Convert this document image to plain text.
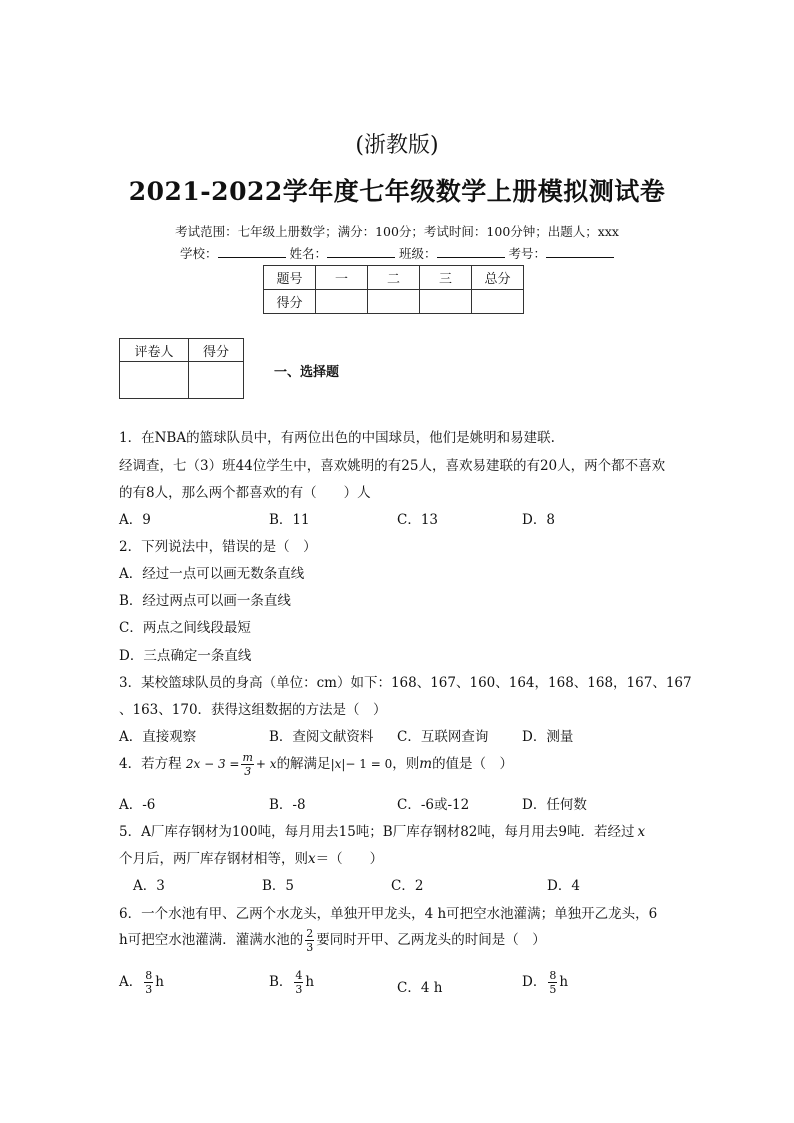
(浙教版)
2021-2022学年度七年级数学上册模拟测试卷
考试范围：七年级上册数学；满分：100分；考试时间：100分钟；出题人；xxx
学校：	姓名：	班级：	考号：
题号	一	二	三	总分
得分				
评卷人	得分

一、选择题
1．在NBA的篮球队员中，有两位出色的中国球员，他们是姚明和易建联.
经调查，七（3）班44位学生中，喜欢姚明的有25人，喜欢易建联的有20人，两个都不喜欢
的有8人，那么两个都喜欢的有（　　）人
A．9	B．11	C．13	D．8
2．下列说法中，错误的是（　）
A．经过一点可以画无数条直线
B．经过两点可以画一条直线
C．两点之间线段最短
D．三点确定一条直线
3．某校篮球队员的身高（单位：cm）如下：168、167、160、164，168、168，167、167
、163、170．获得这组数据的方法是（　）
A．直接观察	B．查阅文献资料 C．互联网查询 D．测量
4．若方程 $2x - 3 = \frac{m}{3} + x$的解满足|x|− 1 = 0，则m的值是（　）
A．-6	B．-8	C．-6或-12	D．任何数
5．A厂库存钢材为100吨，每月用去15吨；B厂库存钢材82吨，每月用去9吨．若经过 x
个月后，两厂库存钢材相等，则x＝（　　）
A．3	B．5	C．2	D．4
6．一个水池有甲、乙两个水龙头，单独开甲龙头，4 h可把空水池灌满；单独开乙龙头，6
h可把空水池灌满．灌满水池的 $\frac{2}{3}$ 要同时开甲、乙两龙头的时间是（　）
A． $\frac{8}{3}$ h	B． $\frac{4}{3}$ h	C．4 h	D． $\frac{8}{5}$ h
